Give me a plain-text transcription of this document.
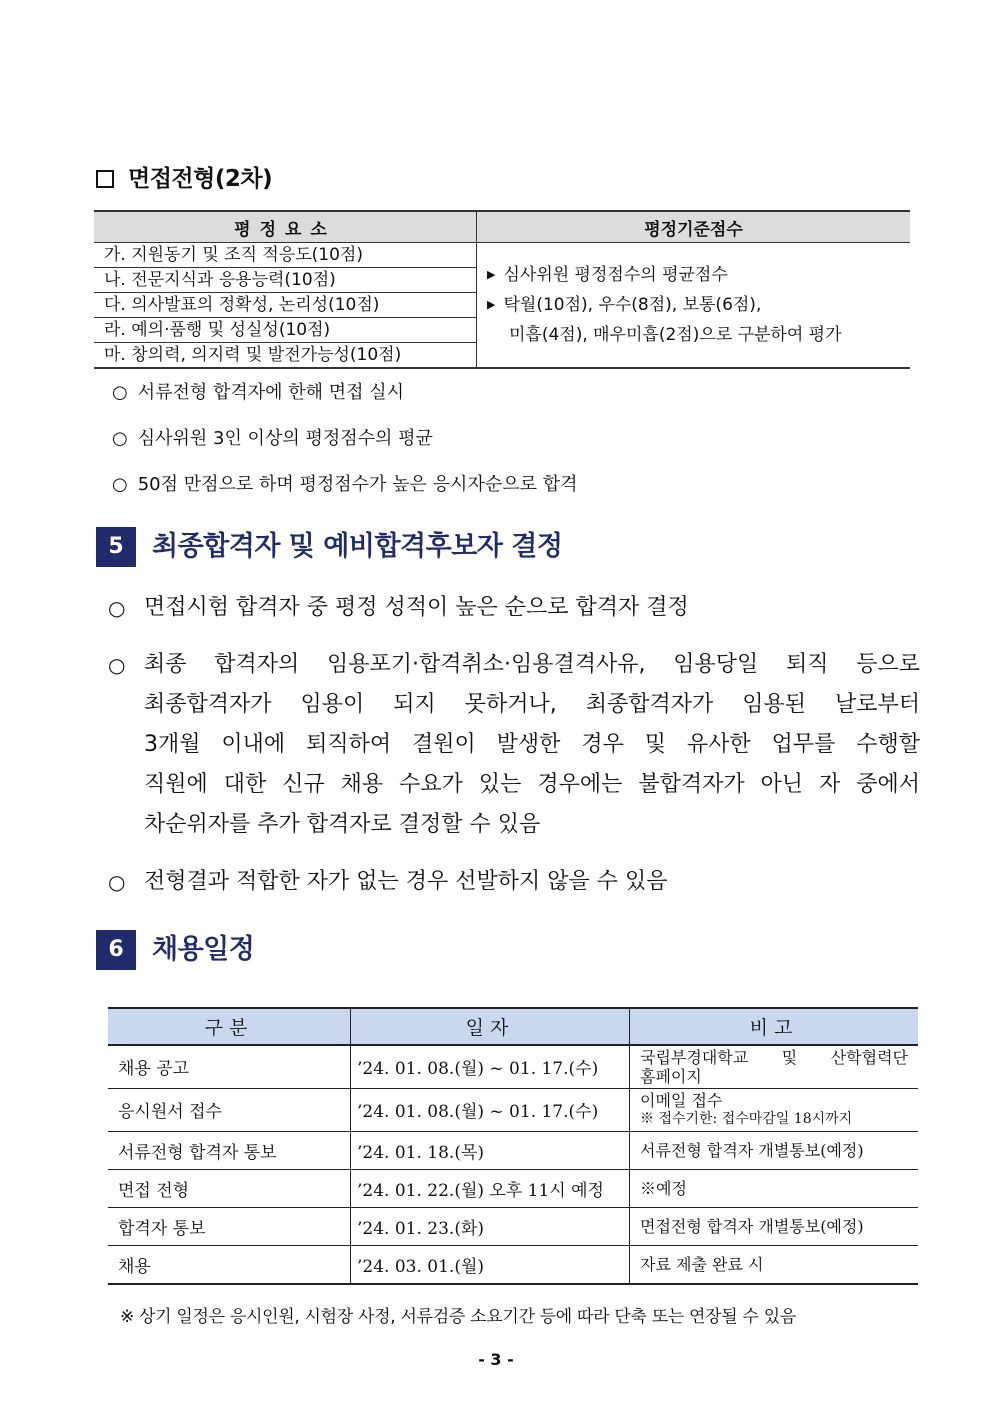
면접전형(2차)
평정요소	평정기준점수
가. 지원동기 및 조직 적응도(10점)	▶ 심사위원 평정점수의 평균점수
▶ 탁월(10점), 우수(8점), 보통(6점),
미흡(4점), 매우미흡(2점)으로 구분하여 평가

나. 전문지식과 응용능력(10점)	
다. 의사발표의 정확성, 논리성(10점)	
라. 예의·품행 및 성실성(10점)	
마. 창의력, 의지력 및 발전가능성(10점)	
○ 서류전형 합격자에 한해 면접 실시
○ 심사위원 3인 이상의 평정점수의 평균
○ 50점 만점으로 하며 평정점수가 높은 응시자순으로 합격
5	최종합격자 및 예비합격후보자 결정
○ 면접시험 합격자 중 평정 성적이 높은 순으로 합격자 결정
○ 최종 합격자의 임용포기·합격취소·임용결격사유, 임용당일 퇴직 등으로
최종합격자가 임용이 되지 못하거나, 최종합격자가 임용된 날로부터
3개월 이내에 퇴직하여 결원이 발생한 경우 및 유사한 업무를 수행할
직원에 대한 신규 채용 수요가 있는 경우에는 불합격자가 아닌 자 중에서
차순위자를 추가 합격자로 결정할 수 있음
○ 전형결과 적합한 자가 없는 경우 선발하지 않을 수 있음
6	채용일정
구분	일자	비고
채용 공고	’24. 01. 08.(월) ~ 01. 17.(수)	국립부경대학교 및 산학협력단
홈페이지

응시원서 접수	’24. 01. 08.(월) ~ 01. 17.(수)	이메일 접수
※ 접수기한: 접수마감일 18시까지

서류전형 합격자 통보	’24. 01. 18.(목)	서류전형 합격자 개별통보(예정)
면접 전형	’24. 01. 22.(월) 오후 11시 예정	※예정
합격자 통보	’24. 01. 23.(화)	면접전형 합격자 개별통보(예정)
채용	’24. 03. 01.(월)	자료 제출 완료 시
※ 상기 일정은 응시인원, 시험장 사정, 서류검증 소요기간 등에 따라 단축 또는 연장될 수 있음
- 3 -
